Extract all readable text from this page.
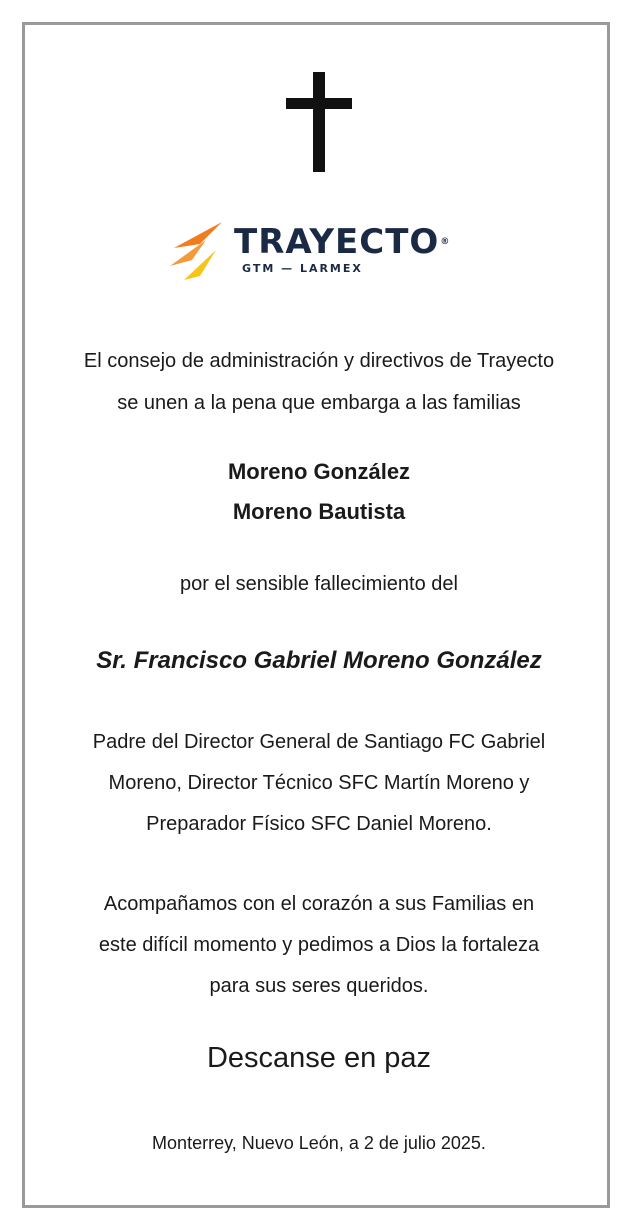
TRAYECTO®
GTM — LARMEX

El consejo de administración y directivos de Trayecto
se unen a la pena que embarga a las familias

Moreno González
Moreno Bautista

por el sensible fallecimiento del

Sr. Francisco Gabriel Moreno González

Padre del Director General de Santiago FC Gabriel
Moreno, Director Técnico SFC Martín Moreno y
Preparador Físico SFC Daniel Moreno.

Acompañamos con el corazón a sus Familias en
este difícil momento y pedimos a Dios la fortaleza
para sus seres queridos.

Descanse en paz

Monterrey, Nuevo León, a 2 de julio 2025.
